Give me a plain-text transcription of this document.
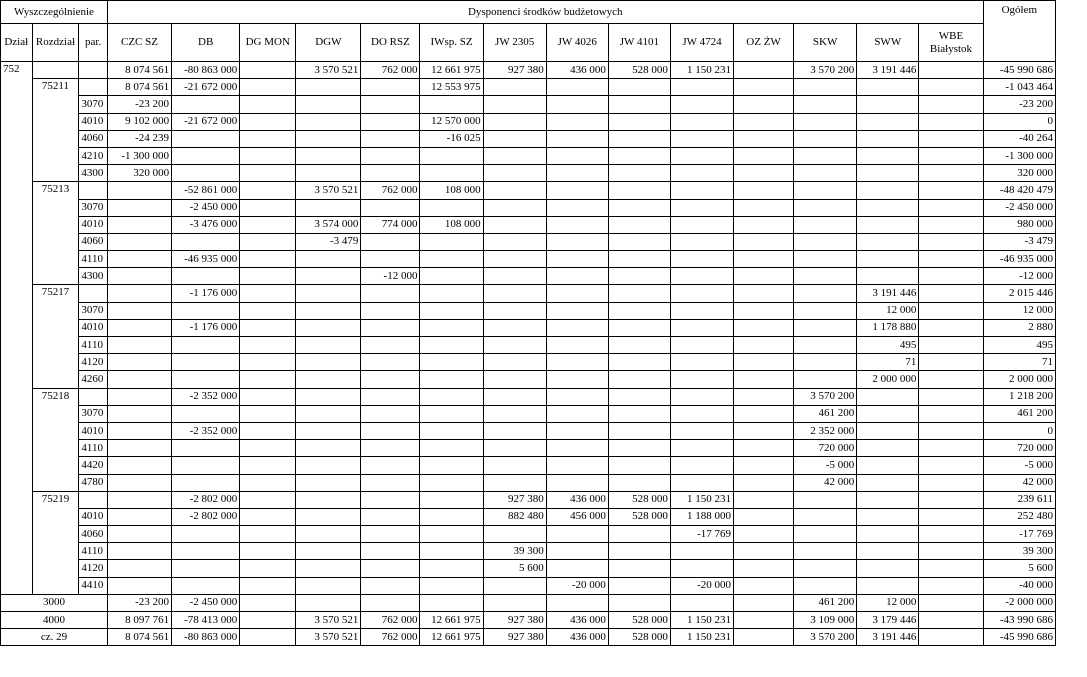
Wyszczególnienie			Dysponenci środków budżetowych														Ogółem
Dział	Rozdział	par.	CZC SZ	DB	DG MON	DGW	DO RSZ	IWsp. SZ	JW 2305	JW 4026	JW 4101	JW 4724	OZ ŻW	SKW	SWW	WBE
Białystok	

752			8 074 561	-80 863 000		3 570 521	762 000	12 661 975	927 380	436 000	528 000	1 150 231		3 570 200	3 191 446		-45 990 686
	75211		8 074 561	-21 672 000				12 553 975									-1 043 464
		3070	-23 200														-23 200
		4010	9 102 000	-21 672 000				12 570 000									0
		4060	-24 239					-16 025									-40 264
		4210	-1 300 000														-1 300 000
		4300	320 000														320 000
	75213			-52 861 000		3 570 521	762 000	108 000									-48 420 479
		3070		-2 450 000													-2 450 000
		4010		-3 476 000		3 574 000	774 000	108 000									980 000
		4060				-3 479											-3 479
		4110		-46 935 000													-46 935 000
		4300					-12 000										-12 000
	75217			-1 176 000											3 191 446		2 015 446
		3070													12 000		12 000
		4010		-1 176 000											1 178 880		2 880
		4110													495		495
		4120													71		71
		4260													2 000 000		2 000 000
	75218			-2 352 000										3 570 200			1 218 200
		3070												461 200			461 200
		4010		-2 352 000										2 352 000			0
		4110												720 000			720 000
		4420												-5 000			-5 000
		4780												42 000			42 000
	75219			-2 802 000					927 380	436 000	528 000	1 150 231					239 611
		4010		-2 802 000					882 480	456 000	528 000	1 188 000					252 480
		4060										-17 769					-17 769
		4110							39 300								39 300
		4120							5 600								5 600
		4410								-20 000		-20 000					-40 000
3000			-23 200	-2 450 000										461 200	12 000		-2 000 000
4000			8 097 761	-78 413 000		3 570 521	762 000	12 661 975	927 380	436 000	528 000	1 150 231		3 109 000	3 179 446		-43 990 686
cz. 29			8 074 561	-80 863 000		3 570 521	762 000	12 661 975	927 380	436 000	528 000	1 150 231		3 570 200	3 191 446		-45 990 686
